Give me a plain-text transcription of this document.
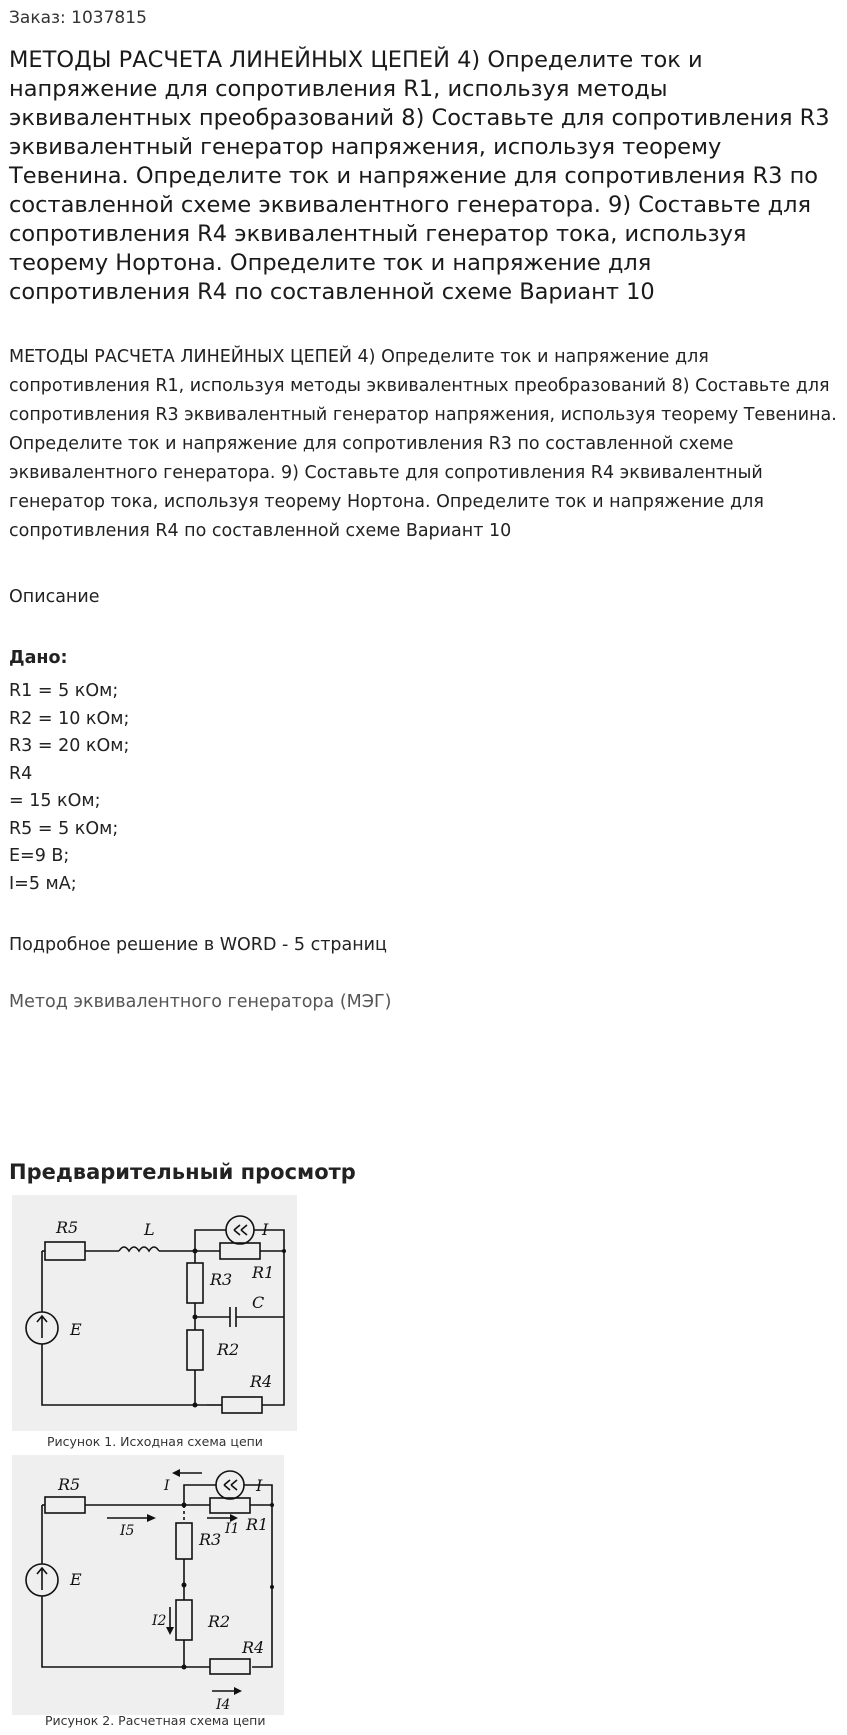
Заказ: 1037815
МЕТОДЫ РАСЧЕТА ЛИНЕЙНЫХ ЦЕПЕЙ 4) Определите ток и напряжение для сопротивления R1, используя методы эквивалентных преобразований 8) Составьте для сопротивления R3 эквивалентный генератор напряжения, используя теорему Тевенина. Определите ток и напряжение для сопротивления R3 по составленной схеме эквивалентного генератора. 9) Составьте для сопротивления R4 эквивалентный генератор тока, используя теорему Нортона. Определите ток и напряжение для сопротивления R4 по составленной схеме Вариант 10
МЕТОДЫ РАСЧЕТА ЛИНЕЙНЫХ ЦЕПЕЙ 4) Определите ток и напряжение для сопротивления R1, используя методы эквивалентных преобразований 8) Составьте для сопротивления R3 эквивалентный генератор напряжения, используя теорему Тевенина. Определите ток и напряжение для сопротивления R3 по составленной схеме эквивалентного генератора. 9) Составьте для сопротивления R4 эквивалентный генератор тока, используя теорему Нортона. Определите ток и напряжение для сопротивления R4 по составленной схеме Вариант 10
Описание
Дано:
R1 = 5 кОм;
R2 = 10 кОм;
R3 = 20 кОм;
R4
= 15 кОм;
R5 = 5 кОм;
E=9 В;
I=5 мА;
Подробное решение в WORD - 5 страниц
Метод эквивалентного генератора (МЭГ)
Предварительный просмотр
R5	L	I
R3 R1
E
C
R2
R4
Рисунок 1. Исходная схема цепи
R5	I	I
I5	R3
I1 R1
E
I2	R2
R4
I4
Рисунок 2. Расчетная схема цепи
